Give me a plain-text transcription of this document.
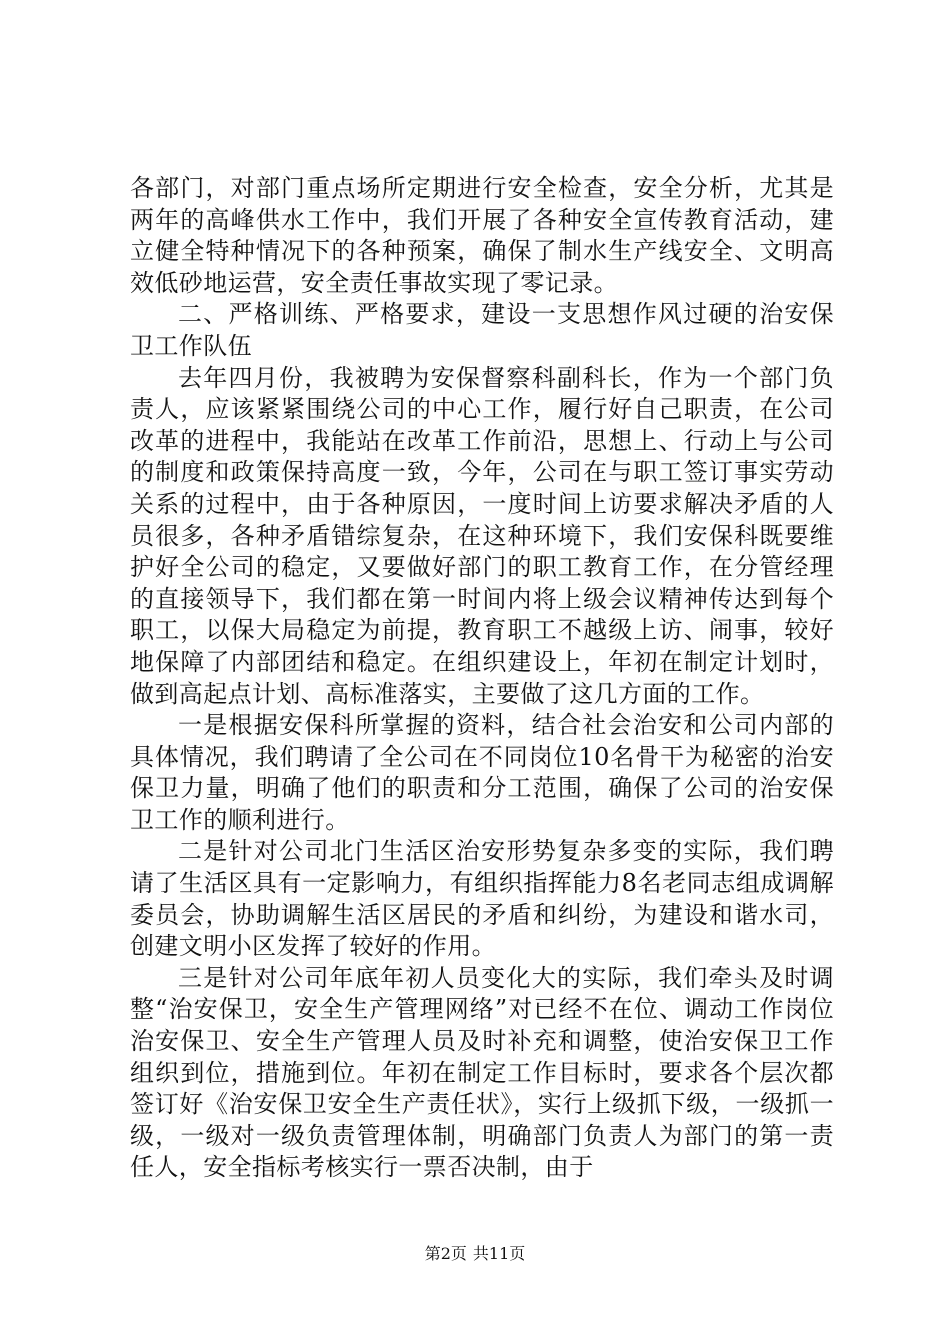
各部门，对部门重点场所定期进行安全检查，安全分析，尤其是两年的高峰供水工作中，我们开展了各种安全宣传教育活动，建立健全特种情况下的各种预案，确保了制水生产线安全、文明高效低砂地运营，安全责任事故实现了零记录。

二、严格训练、严格要求，建设一支思想作风过硬的治安保卫工作队伍

去年四月份，我被聘为安保督察科副科长，作为一个部门负责人，应该紧紧围绕公司的中心工作，履行好自己职责，在公司改革的进程中，我能站在改革工作前沿，思想上、行动上与公司的制度和政策保持高度一致，今年，公司在与职工签订事实劳动关系的过程中，由于各种原因，一度时间上访要求解决矛盾的人员很多，各种矛盾错综复杂，在这种环境下，我们安保科既要维护好全公司的稳定，又要做好部门的职工教育工作，在分管经理的直接领导下，我们都在第一时间内将上级会议精神传达到每个职工，以保大局稳定为前提，教育职工不越级上访、闹事，较好地保障了内部团结和稳定。在组织建设上，年初在制定计划时，做到高起点计划、高标准落实，主要做了这几方面的工作。

一是根据安保科所掌握的资料，结合社会治安和公司内部的具体情况，我们聘请了全公司在不同岗位10名骨干为秘密的治安保卫力量，明确了他们的职责和分工范围，确保了公司的治安保卫工作的顺利进行。

二是针对公司北门生活区治安形势复杂多变的实际，我们聘请了生活区具有一定影响力，有组织指挥能力8名老同志组成调解委员会，协助调解生活区居民的矛盾和纠纷，为建设和谐水司，创建文明小区发挥了较好的作用。

三是针对公司年底年初人员变化大的实际，我们牵头及时调整“治安保卫，安全生产管理网络”对已经不在位、调动工作岗位治安保卫、安全生产管理人员及时补充和调整，使治安保卫工作组织到位，措施到位。年初在制定工作目标时，要求各个层次都签订好《治安保卫安全生产责任状》，实行上级抓下级，一级抓一级，一级对一级负责管理体制，明确部门负责人为部门的第一责任人，安全指标考核实行一票否决制，由于

第2页 共11页
